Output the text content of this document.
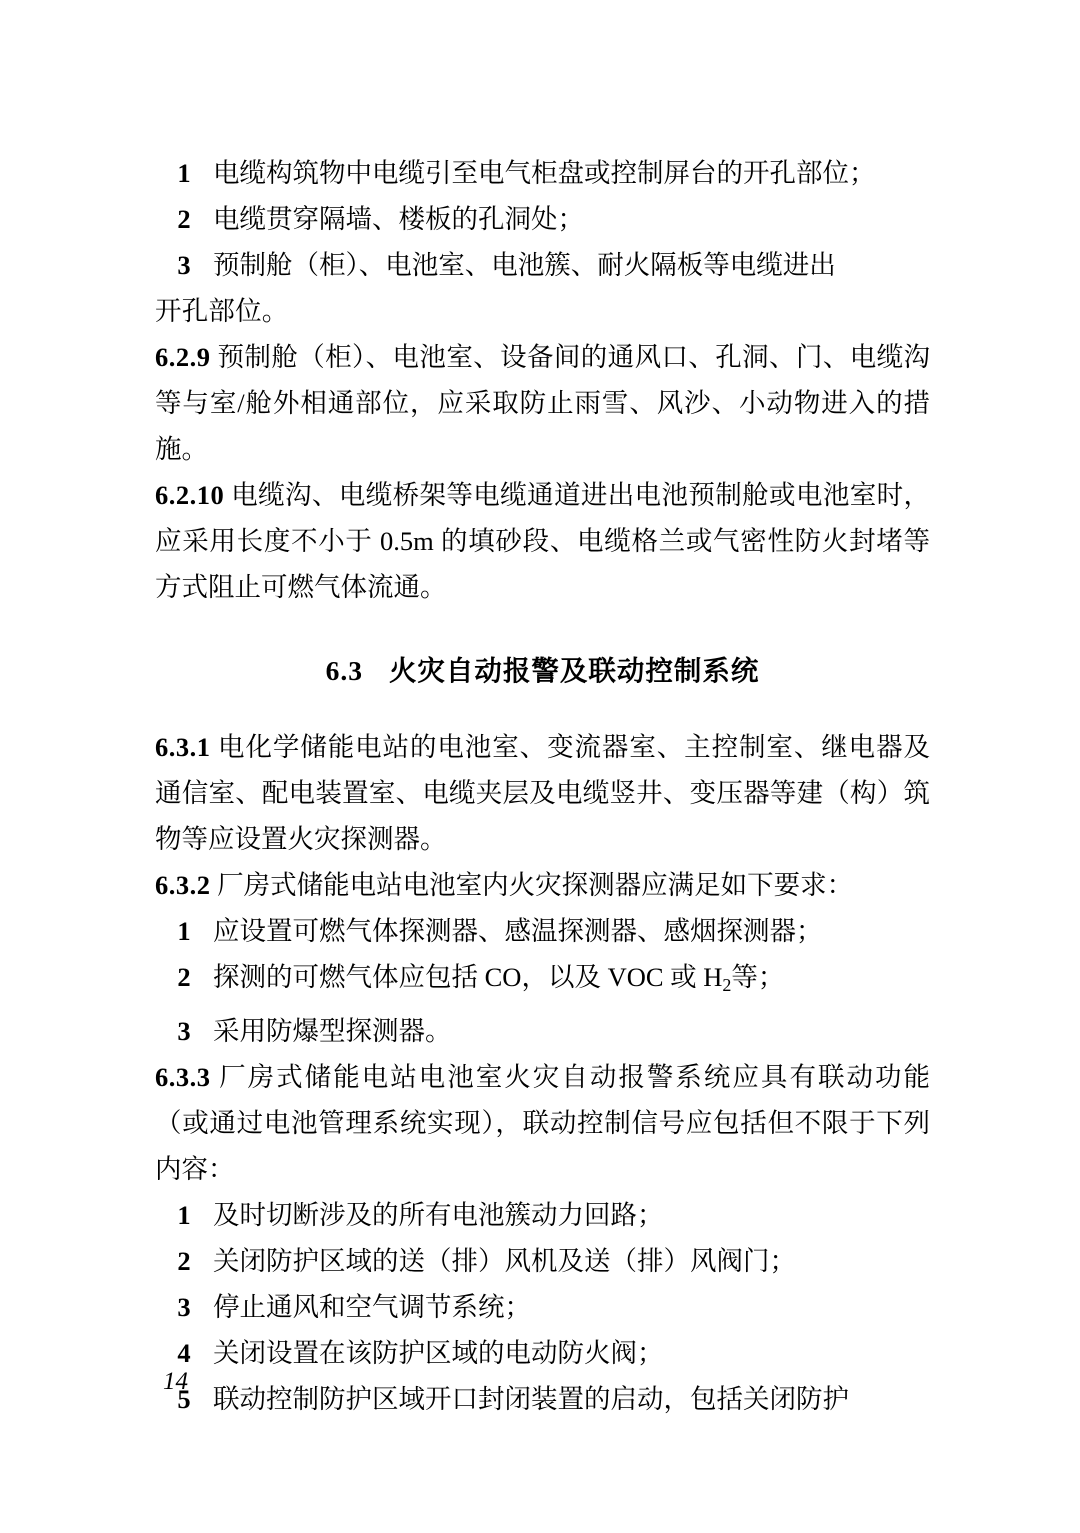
1 电缆构筑物中电缆引至电气柜盘或控制屏台的开孔部位；
2 电缆贯穿隔墙、楼板的孔洞处；
3 预制舱（柜）、电池室、电池簇、耐火隔板等电缆进出
开孔部位。
6.2.9 预制舱（柜）、电池室、设备间的通风口、孔洞、门、电缆沟等与室/舱外相通部位，应采取防止雨雪、风沙、小动物进入的措施。
6.2.10 电缆沟、电缆桥架等电缆通道进出电池预制舱或电池室时，应采用长度不小于 0.5m 的填砂段、电缆格兰或气密性防火封堵等方式阻止可燃气体流通。
6.3 火灾自动报警及联动控制系统
6.3.1 电化学储能电站的电池室、变流器室、主控制室、继电器及通信室、配电装置室、电缆夹层及电缆竖井、变压器等建（构）筑物等应设置火灾探测器。
6.3.2 厂房式储能电站电池室内火灾探测器应满足如下要求：
1 应设置可燃气体探测器、感温探测器、感烟探测器；
2 探测的可燃气体应包括 CO，以及 VOC 或 $H_2$等；
3 采用防爆型探测器。
6.3.3 厂房式储能电站电池室火灾自动报警系统应具有联动功能（或通过电池管理系统实现），联动控制信号应包括但不限于下列内容：
1 及时切断涉及的所有电池簇动力回路；
2 关闭防护区域的送（排）风机及送（排）风阀门；
3 停止通风和空气调节系统；
4 关闭设置在该防护区域的电动防火阀；
5 联动控制防护区域开口封闭装置的启动，包括关闭防护
14
